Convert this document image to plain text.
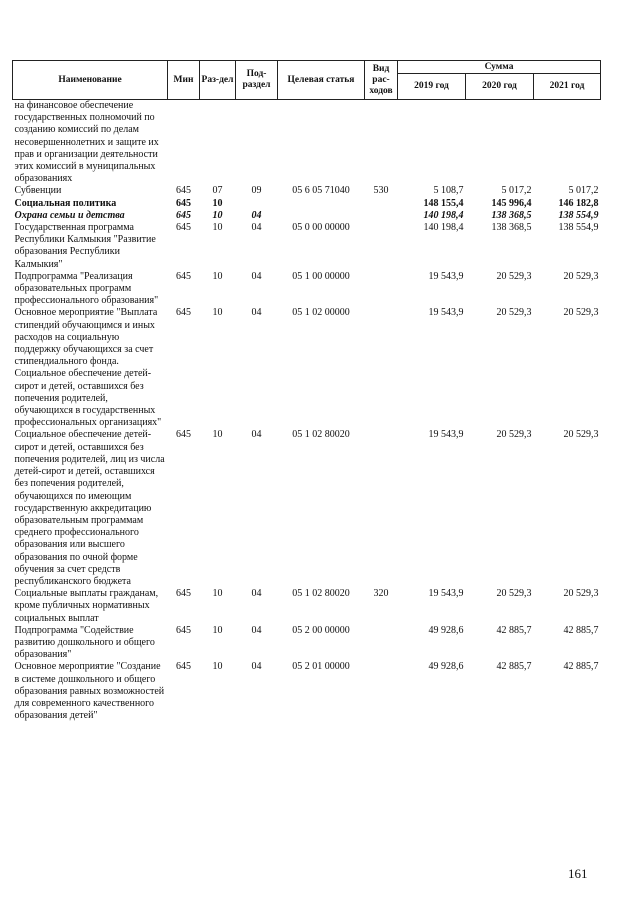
Наименование	Мин	Раз-дел	Под-раздел	Целевая статья	Вид рас-ходов	Сумма		
						2019 год	2020 год	2021 год
на финансовое обеспечение государственных полномочий по созданию комиссий по делам несовершеннолетних и защите их прав и организации деятельности этих комиссий в муниципальных образованиях								
Субвенции	645	07	09	05 6 05 71040	530	5 108,7	5 017,2	5 017,2
Социальная политика	645	10				148 155,4	145 996,4	146 182,8
Охрана семьи и детства	645	10	04			140 198,4	138 368,5	138 554,9
Государственная программа Республики Калмыкия "Развитие образования Республики Калмыкия"	645	10	04	05 0 00 00000		140 198,4	138 368,5	138 554,9
Подпрограмма "Реализация образовательных программ профессионального образования"	645	10	04	05 1 00 00000		19 543,9	20 529,3	20 529,3
Основное мероприятие "Выплата стипендий обучающимся и иных расходов на социальную поддержку обучающихся за счет стипендиального фонда. Социальное обеспечение детей-сирот и детей, оставшихся без попечения родителей, обучающихся в государственных профессиональных организациях"	645	10	04	05 1 02 00000		19 543,9	20 529,3	20 529,3
Социальное обеспечение детей-сирот и детей, оставшихся без попечения родителей, лиц из числа детей-сирот и детей, оставшихся без попечения родителей, обучающихся по имеющим государственную аккредитацию образовательным программам среднего профессионального образования или высшего образования по очной форме обучения за счет средств республиканского бюджета	645	10	04	05 1 02 80020		19 543,9	20 529,3	20 529,3
Социальные выплаты гражданам, кроме публичных нормативных социальных выплат	645	10	04	05 1 02 80020	320	19 543,9	20 529,3	20 529,3
Подпрограмма "Содействие развитию дошкольного и общего образования"	645	10	04	05 2 00 00000		49 928,6	42 885,7	42 885,7
Основное мероприятие "Создание в системе дошкольного и общего образования равных возможностей для современного качественного образования детей"	645	10	04	05 2 01 00000		49 928,6	42 885,7	42 885,7
161
